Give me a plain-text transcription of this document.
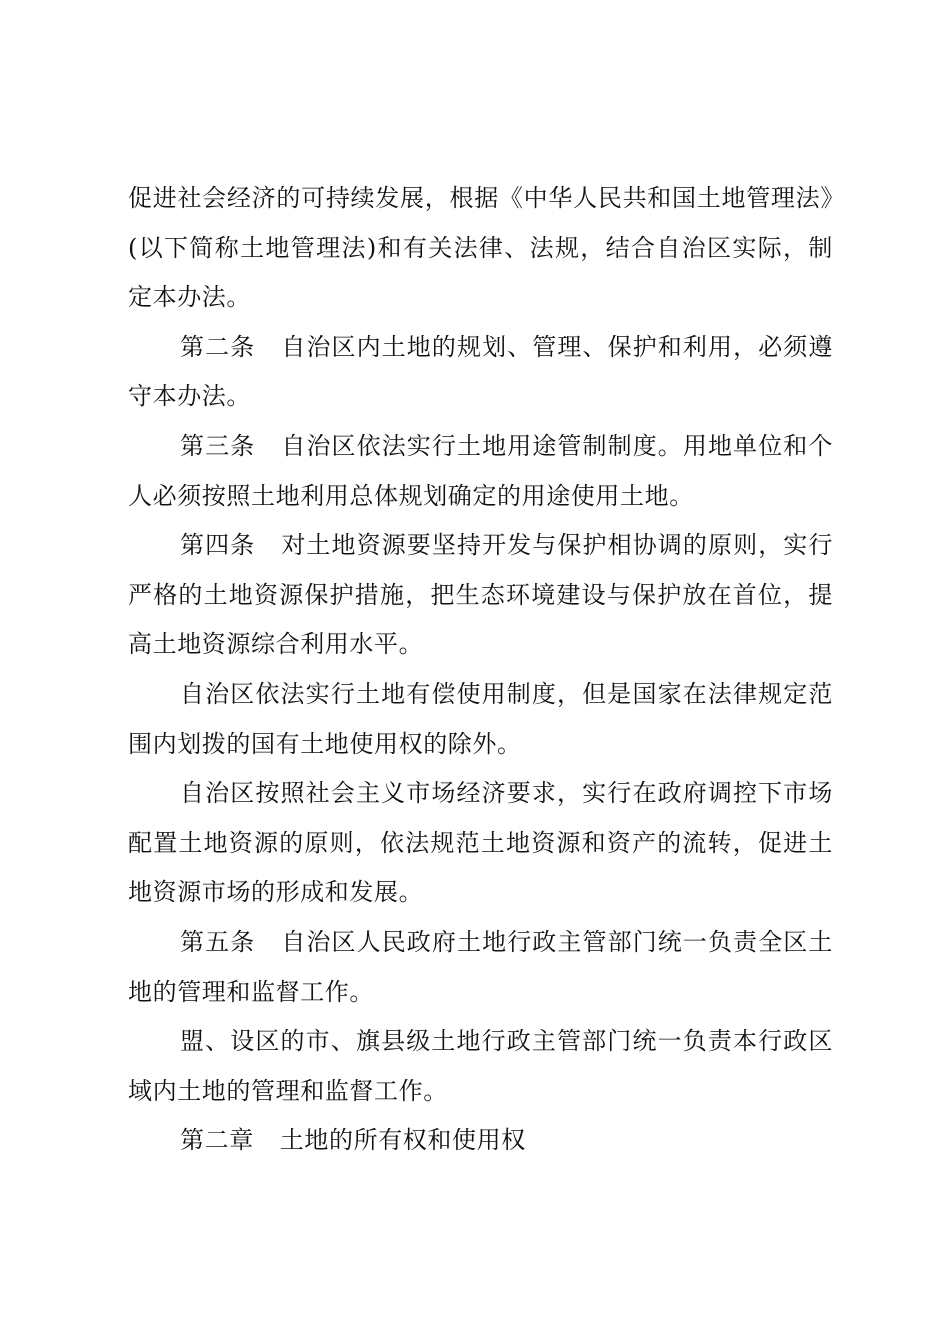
促进社会经济的可持续发展，根据《中华人民共和国土地管理法》(以下简称土地管理法)和有关法律、法规，结合自治区实际，制定本办法。

第二条 自治区内土地的规划、管理、保护和利用，必须遵守本办法。

第三条 自治区依法实行土地用途管制制度。用地单位和个人必须按照土地利用总体规划确定的用途使用土地。

第四条 对土地资源要坚持开发与保护相协调的原则，实行严格的土地资源保护措施，把生态环境建设与保护放在首位，提高土地资源综合利用水平。

自治区依法实行土地有偿使用制度，但是国家在法律规定范围内划拨的国有土地使用权的除外。

自治区按照社会主义市场经济要求，实行在政府调控下市场配置土地资源的原则，依法规范土地资源和资产的流转，促进土地资源市场的形成和发展。

第五条 自治区人民政府土地行政主管部门统一负责全区土地的管理和监督工作。

盟、设区的市、旗县级土地行政主管部门统一负责本行政区域内土地的管理和监督工作。

第二章 土地的所有权和使用权
